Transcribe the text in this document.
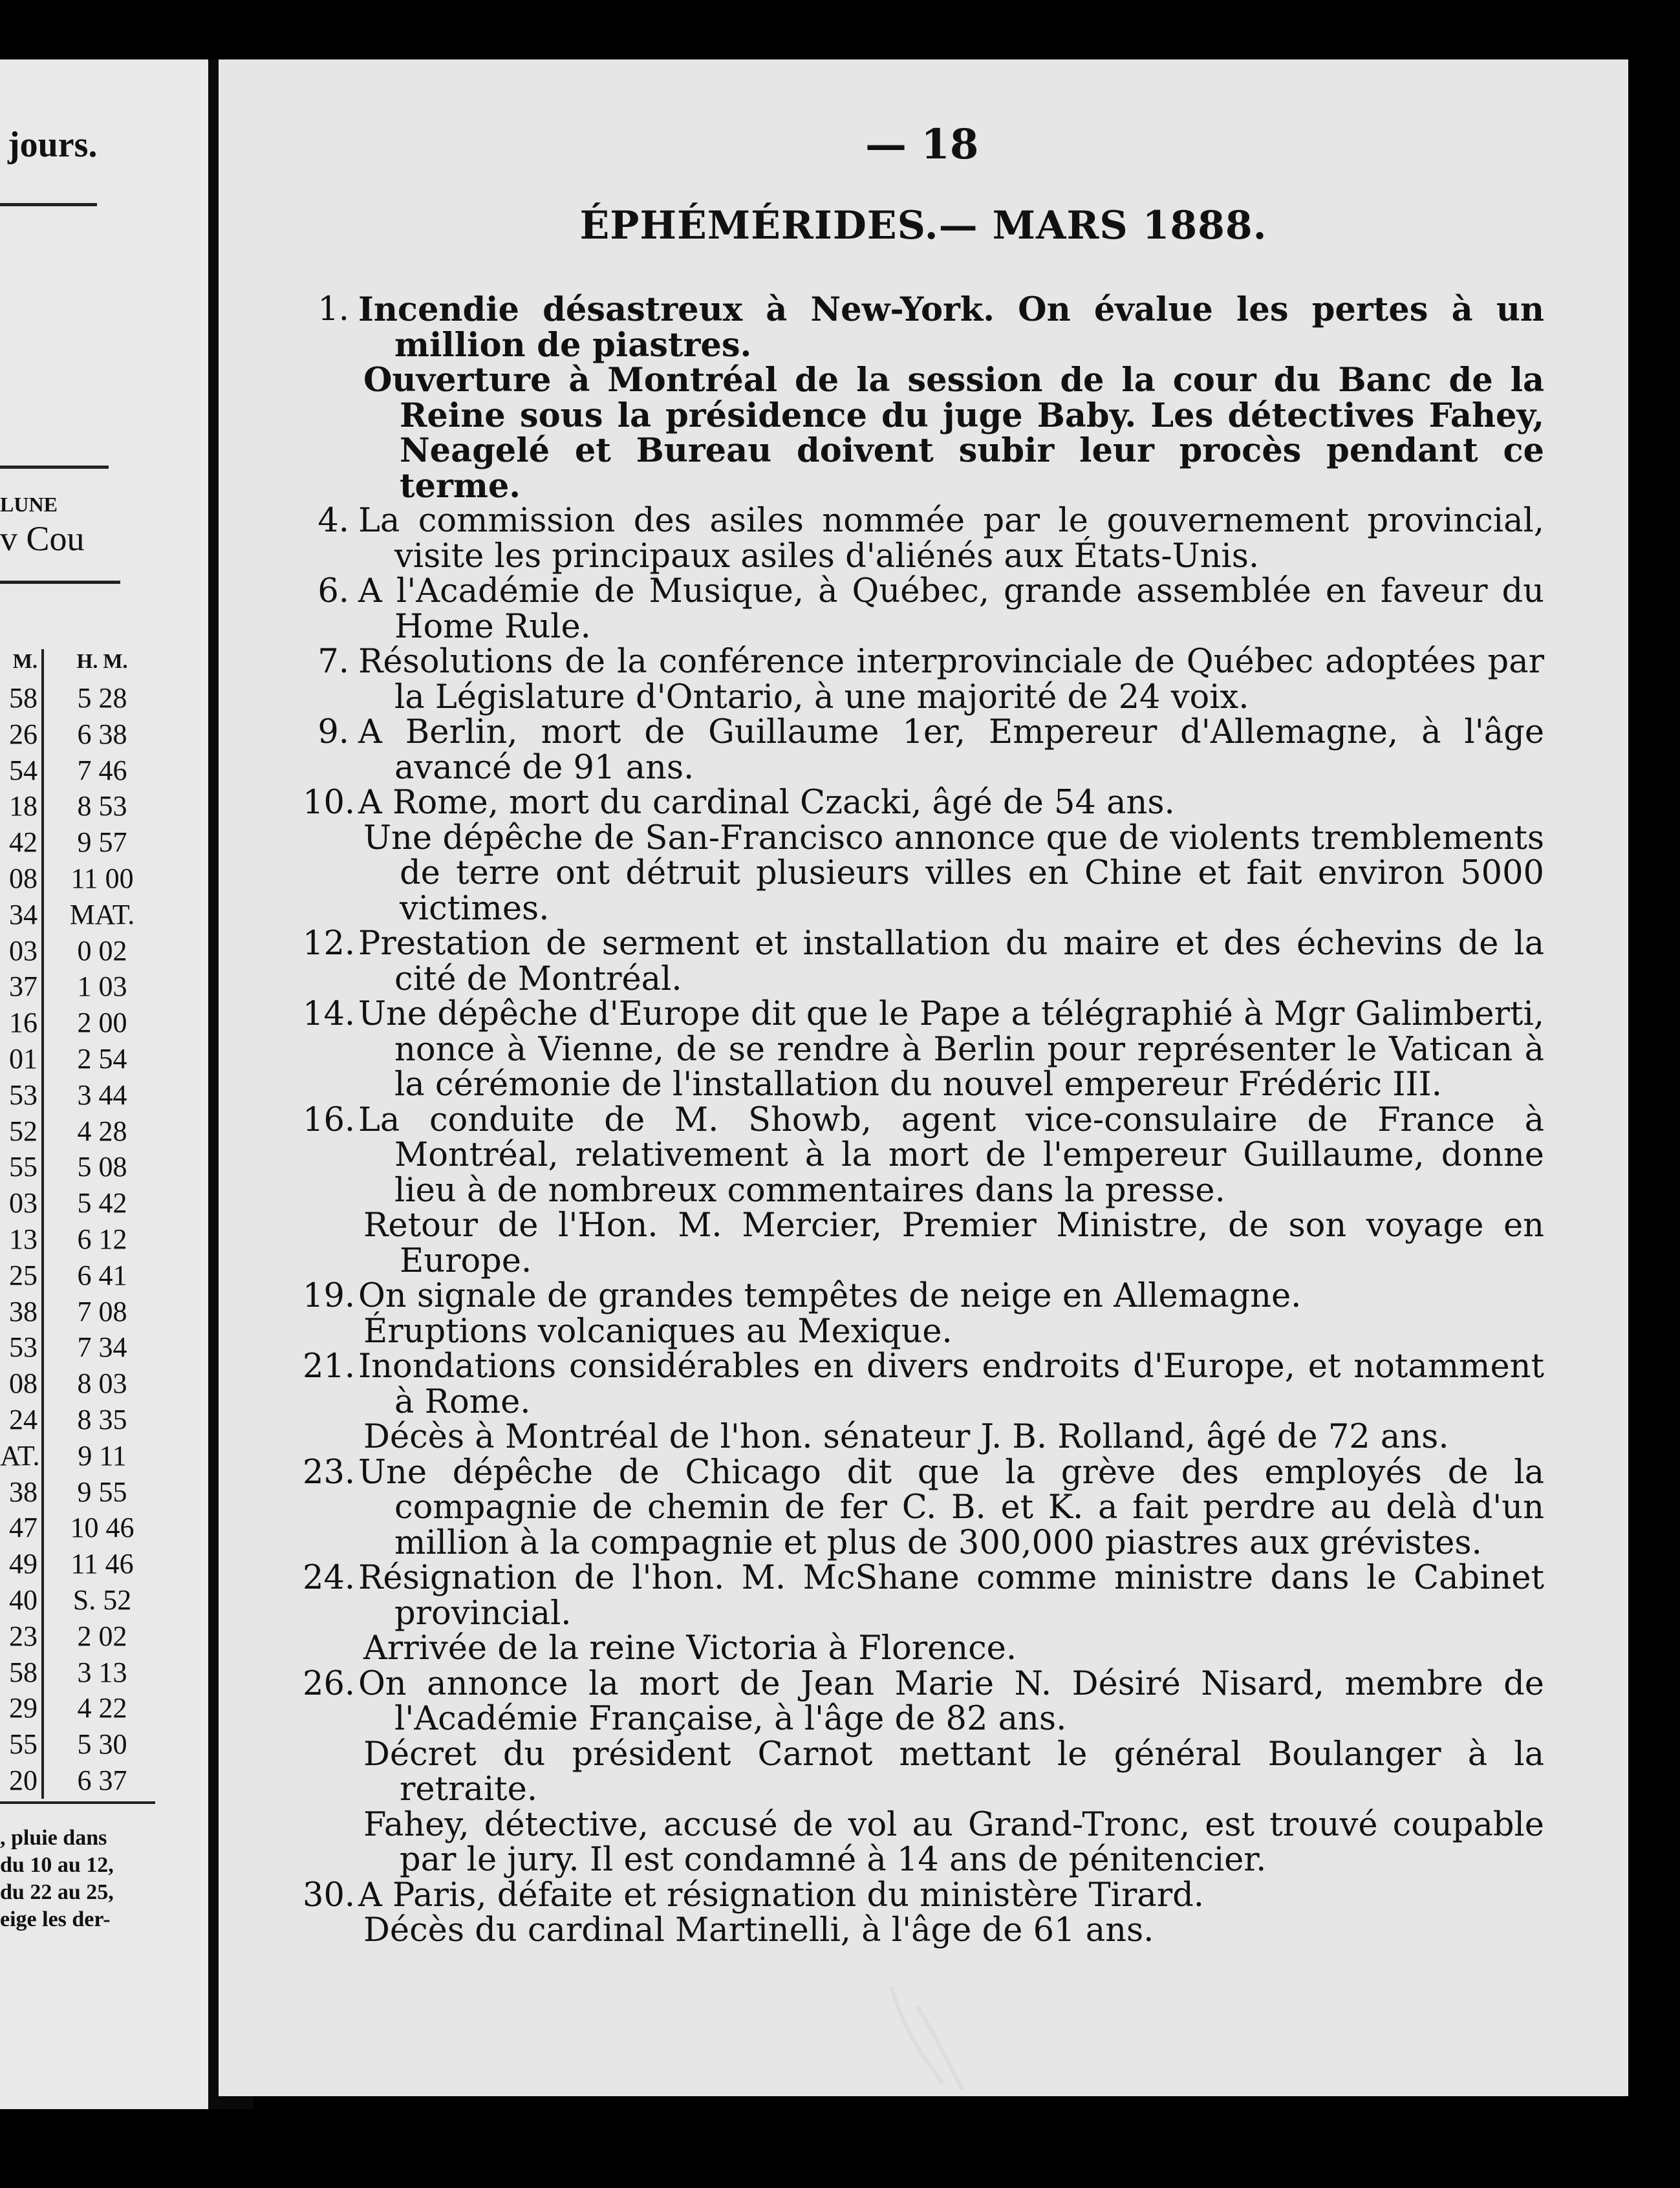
jours.
LUNE
v Cou
M.	H. M.
58	5 28
26	6 38
54	7 46
18	8 53
42	9 57
08	11 00
34	MAT.
03	0 02
37	1 03
16	2 00
01	2 54
53	3 44
52	4 28
55	5 08
03	5 42
13	6 12
25	6 41
38	7 08
53	7 34
08	8 03
24	8 35
AT.	9 11
38	9 55
47	10 46
49	11 46
40	S. 52
23	2 02
58	3 13
29	4 22
55	5 30
20	6 37
, pluie dans
du 10 au 12,
du 22 au 25,
eige les der-
— 18
ÉPHÉMÉRIDES.— MARS 1888.
1. Incendie désastreux à New-York. On évalue les pertes à un million de piastres.
Ouverture à Montréal de la session de la cour du Banc de la Reine sous la présidence du juge Baby. Les détectives Fahey, Neagelé et Bureau doivent subir leur procès pendant ce terme.
4. La commission des asiles nommée par le gouvernement provincial, visite les principaux asiles d'aliénés aux États-Unis.
6. A l'Académie de Musique, à Québec, grande assemblée en faveur du Home Rule.
7. Résolutions de la conférence interprovinciale de Québec adoptées par la Législature d'Ontario, à une majorité de 24 voix.
9. A Berlin, mort de Guillaume 1er, Empereur d'Allemagne, à l'âge avancé de 91 ans.
10. A Rome, mort du cardinal Czacki, âgé de 54 ans.
Une dépêche de San-Francisco annonce que de violents tremblements de terre ont détruit plusieurs villes en Chine et fait environ 5000 victimes.
12. Prestation de serment et installation du maire et des échevins de la cité de Montréal.
14. Une dépêche d'Europe dit que le Pape a télégraphié à Mgr Galimberti, nonce à Vienne, de se rendre à Berlin pour représenter le Vatican à la cérémonie de l'installation du nouvel empereur Frédéric III.
16. La conduite de M. Showb, agent vice-consulaire de France à Montréal, relativement à la mort de l'empereur Guillaume, donne lieu à de nombreux commentaires dans la presse.
Retour de l'Hon. M. Mercier, Premier Ministre, de son voyage en Europe.
19. On signale de grandes tempêtes de neige en Allemagne.
Éruptions volcaniques au Mexique.
21. Inondations considérables en divers endroits d'Europe, et notamment à Rome.
Décès à Montréal de l'hon. sénateur J. B. Rolland, âgé de 72 ans.
23. Une dépêche de Chicago dit que la grève des employés de la compagnie de chemin de fer C. B. et K. a fait perdre au delà d'un million à la compagnie et plus de 300,000 piastres aux grévistes.
24. Résignation de l'hon. M. McShane comme ministre dans le Cabinet provincial.
Arrivée de la reine Victoria à Florence.
26. On annonce la mort de Jean Marie N. Désiré Nisard, membre de l'Académie Française, à l'âge de 82 ans.
Décret du président Carnot mettant le général Boulanger à la retraite.
Fahey, détective, accusé de vol au Grand-Tronc, est trouvé coupable par le jury. Il est condamné à 14 ans de pénitencier.
30. A Paris, défaite et résignation du ministère Tirard.
Décès du cardinal Martinelli, à l'âge de 61 ans.
